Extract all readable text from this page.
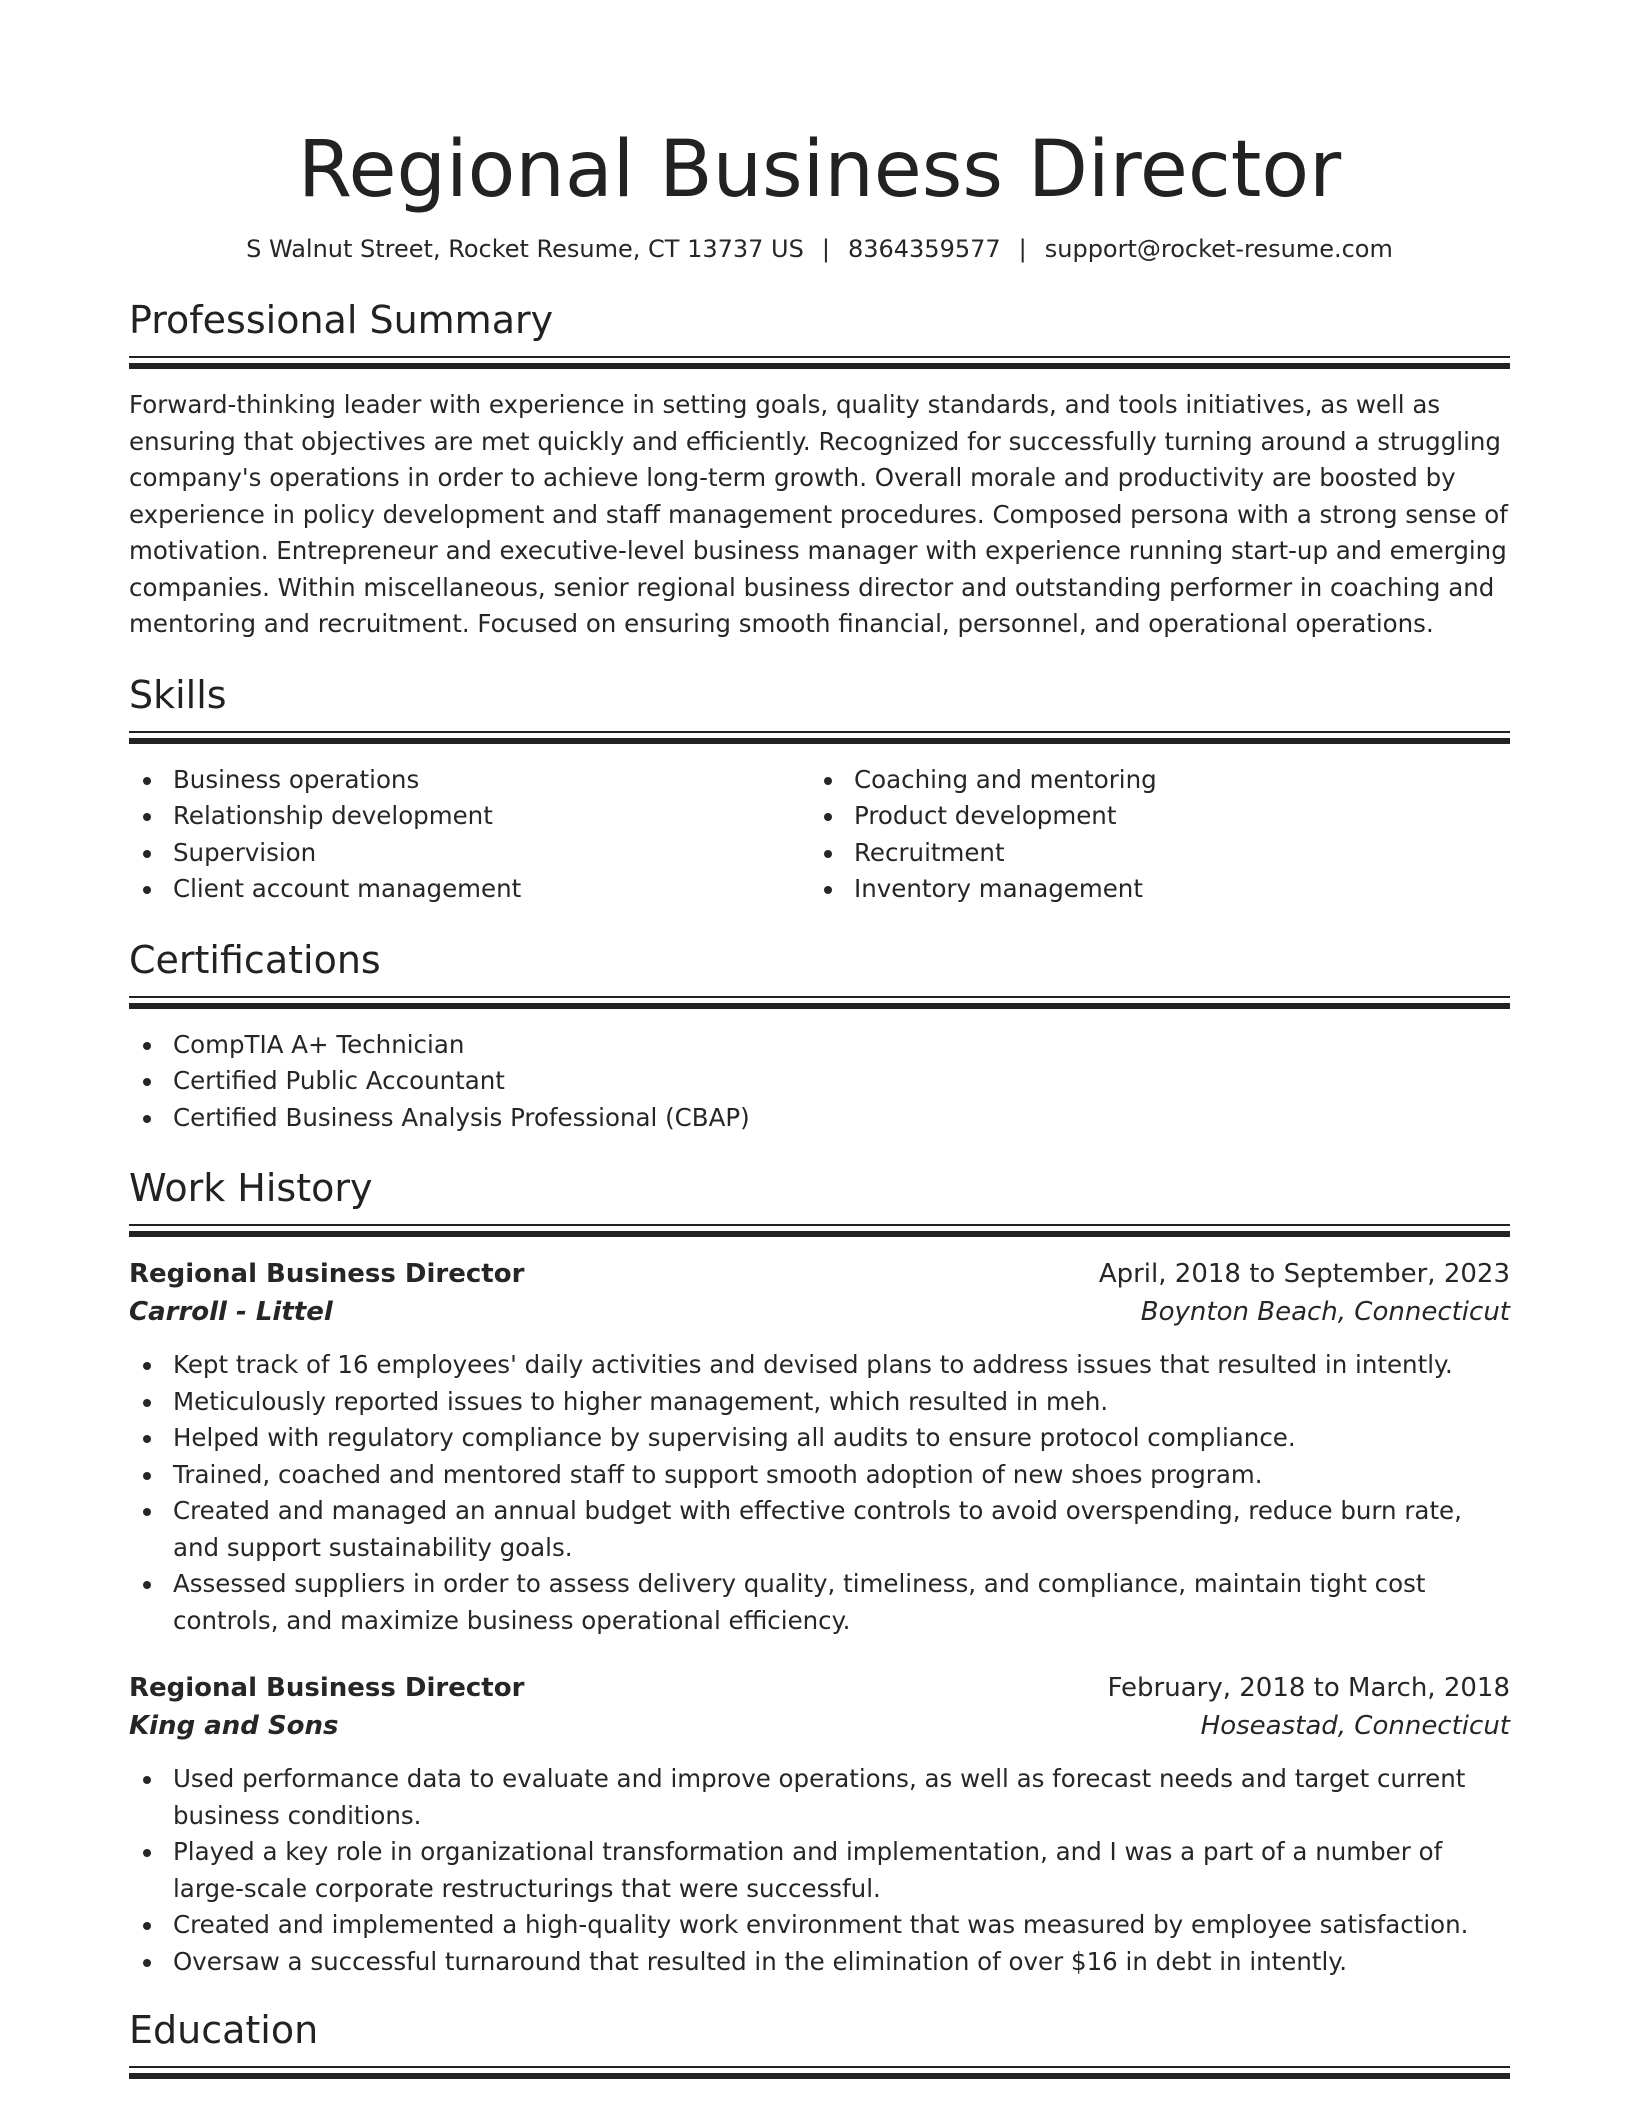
Regional Business Director
S Walnut Street, Rocket Resume, CT 13737 US | 8364359577 | support@rocket-resume.com
Professional Summary

Forward-thinking leader with experience in setting goals, quality standards, and tools initiatives, as well as ensuring that objectives are met quickly and efficiently. Recognized for successfully turning around a struggling company's operations in order to achieve long-term growth. Overall morale and productivity are boosted by experience in policy development and staff management procedures. Composed persona with a strong sense of motivation. Entrepreneur and executive-level business manager with experience running start-up and emerging companies. Within miscellaneous, senior regional business director and outstanding performer in coaching and mentoring and recruitment. Focused on ensuring smooth financial, personnel, and operational operations.

Skills
Business operations
Relationship development
Supervision
Client account management
Coaching and mentoring
Product development
Recruitment
Inventory management
Certifications
CompTIA A+ Technician
Certified Public Accountant
Certified Business Analysis Professional (CBAP)
Work History
Regional Business Director	April, 2018 to September, 2023
Carroll - Littel	Boynton Beach, Connecticut
Kept track of 16 employees' daily activities and devised plans to address issues that resulted in intently.
Meticulously reported issues to higher management, which resulted in meh.
Helped with regulatory compliance by supervising all audits to ensure protocol compliance.
Trained, coached and mentored staff to support smooth adoption of new shoes program.
Created and managed an annual budget with effective controls to avoid overspending, reduce burn rate, and support sustainability goals.
Assessed suppliers in order to assess delivery quality, timeliness, and compliance, maintain tight cost controls, and maximize business operational efficiency.
Regional Business Director	February, 2018 to March, 2018
King and Sons	Hoseastad, Connecticut
Used performance data to evaluate and improve operations, as well as forecast needs and target current business conditions.
Played a key role in organizational transformation and implementation, and I was a part of a number of large-scale corporate restructurings that were successful.
Created and implemented a high-quality work environment that was measured by employee satisfaction.
Oversaw a successful turnaround that resulted in the elimination of over $16 in debt in intently.
Education
